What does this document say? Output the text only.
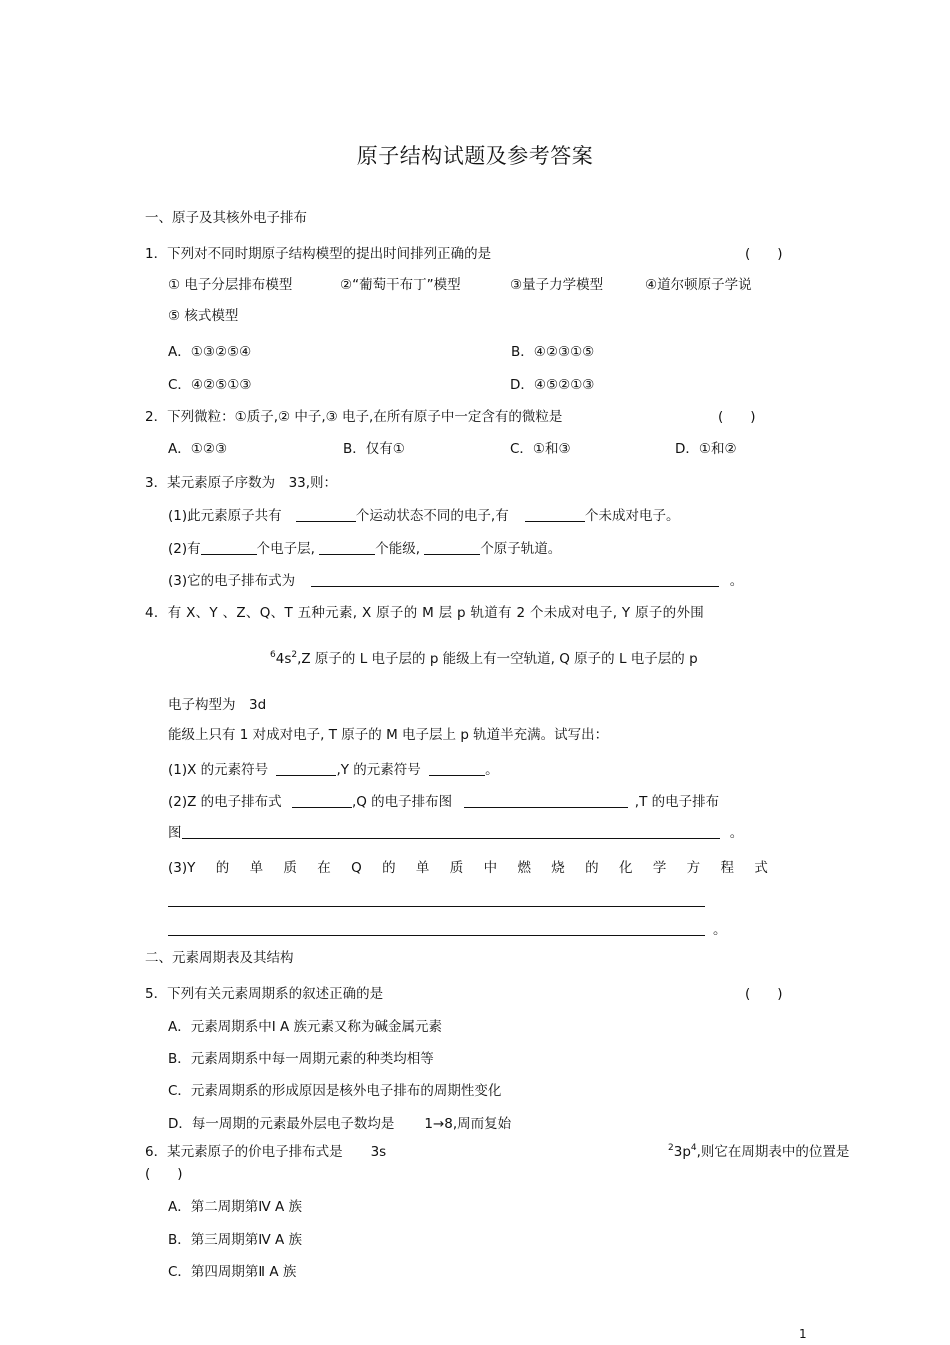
原子结构试题及参考答案
一、原子及其核外电子排布
1．下列对不同时期原子结构模型的提出时间排列正确的是	(　　)
① 电子分层排布模型	②“葡萄干布丁”模型	③量子力学模型	④道尔顿原子学说
⑤ 核式模型
A．①③②⑤④	B．④②③①⑤
C．④②⑤①③	D．④⑤②①③
2．下列微粒：①质子,② 中子,③ 电子,在所有原子中一定含有的微粒是	(　　)
A．①②③	B．仅有①	C．①和③	D．①和②
3．某元素原子序数为　33,则：
(1)此元素原子共有	个运动状态不同的电子,有	个未成对电子。
(2)有	个电子层,	个能级,	个原子轨道。
(3)它的电子排布式为	。
4．有 X、Y 、Z、Q、T 五种元素, X 原子的 M 层 p 轨道有 2 个未成对电子, Y 原子的外围
$^64s^2,Z$ 原子的 L 电子层的 p 能级上有一空轨道, Q 原子的 L 电子层的 p
电子构型为　3d
能级上只有 1 对成对电子, T 原子的 M 电子层上 p 轨道半充满。试写出：
(1)X 的元素符号	,Y 的元素符号	。
(2)Z 的电子排布式	,Q 的电子排布图	,T 的电子排布
图	。
(3)Y 的 单 质 在 Q 的 单 质 中 燃 烧 的 化 学 方 程 式
。
二、元素周期表及其结构
5．下列有关元素周期系的叙述正确的是	(　　)
A．元素周期系中Ⅰ A 族元素又称为碱金属元素
B．元素周期系中每一周期元素的种类均相等
C．元素周期系的形成原因是核外电子排布的周期性变化
D．每一周期的元素最外层电子数均是 1→8,周而复始
6．某元素原子的价电子排布式是 3s	$^23p^4$,则它在周期表中的位置是
(　　)
A．第二周期第Ⅳ A 族
B．第三周期第Ⅳ A 族
C．第四周期第Ⅱ A 族
1
